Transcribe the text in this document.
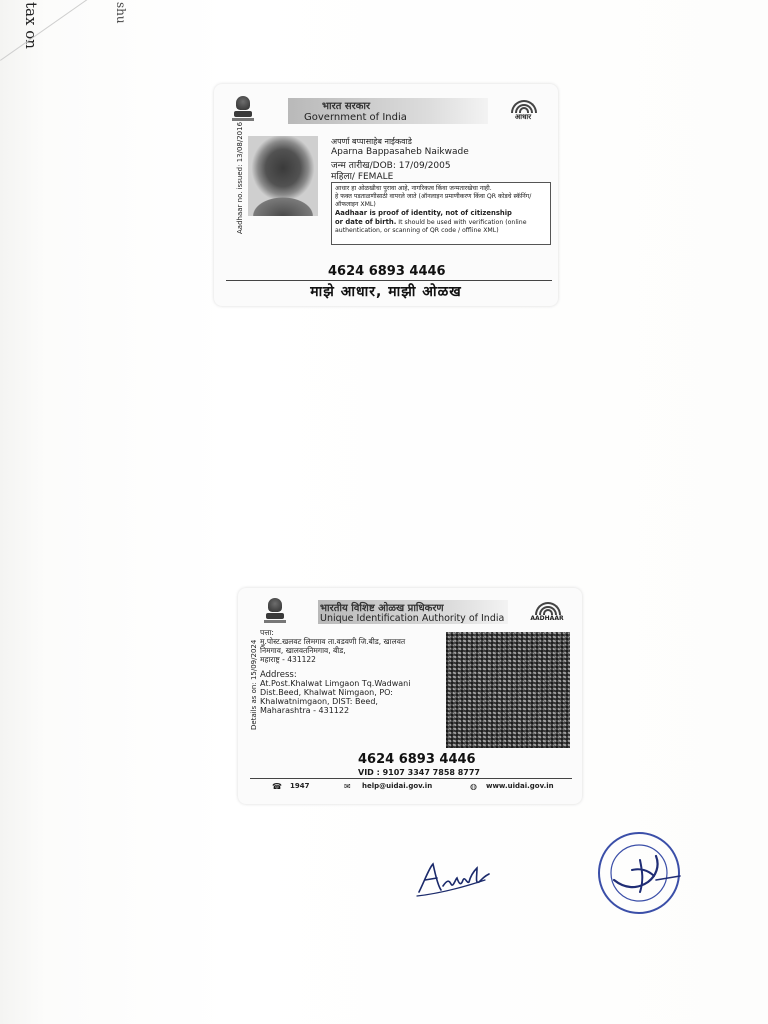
tax on	shu
भारत सरकार
Government of India	आधार
Aadhaar no. issued: 13/08/2016	अपर्णा बप्पासाहेब नाईकवाडे
Aparna Bappasaheb Naikwade
जन्म तारीख/DOB: 17/09/2005
महिला/ FEMALE
आधार हा ओळखीचा पुरावा आहे, नागरिकत्व किंवा जन्मतारखेचा नाही.
हे फक्त पडताळणीसाठी वापरले जाते (ऑनलाइन प्रमाणीकरण किंवा QR कोडचे स्कॅनिंग/ ऑफलाइन XML)
Aadhaar is proof of identity, not of citizenship
or date of birth. It should be used with verification (online authentication, or scanning of QR code / offline XML)
4624 6893 4446
माझे आधार, माझी ओळख
भारतीय विशिष्ट ओळख प्राधिकरण
Unique Identification Authority of India	AADHAAR
Details as on: 15/09/2024
पत्ता:
मु.पोस्ट.खलवट लिमगाव ता.वडवणी जि.बीड, खालवत
निमगाव, खालवतनिमगाव, बीड,
महाराष्ट्र - 431122
Address:
At.Post.Khalwat Limgaon Tq.Wadwani
Dist.Beed, Khalwat Nimgaon, PO:
Khalwatnimgaon, DIST: Beed,
Maharashtra - 431122
4624 6893 4446
VID : 9107 3347 7858 8777
☎ 1947	✉ help@uidai.gov.in	◍ www.uidai.gov.in
